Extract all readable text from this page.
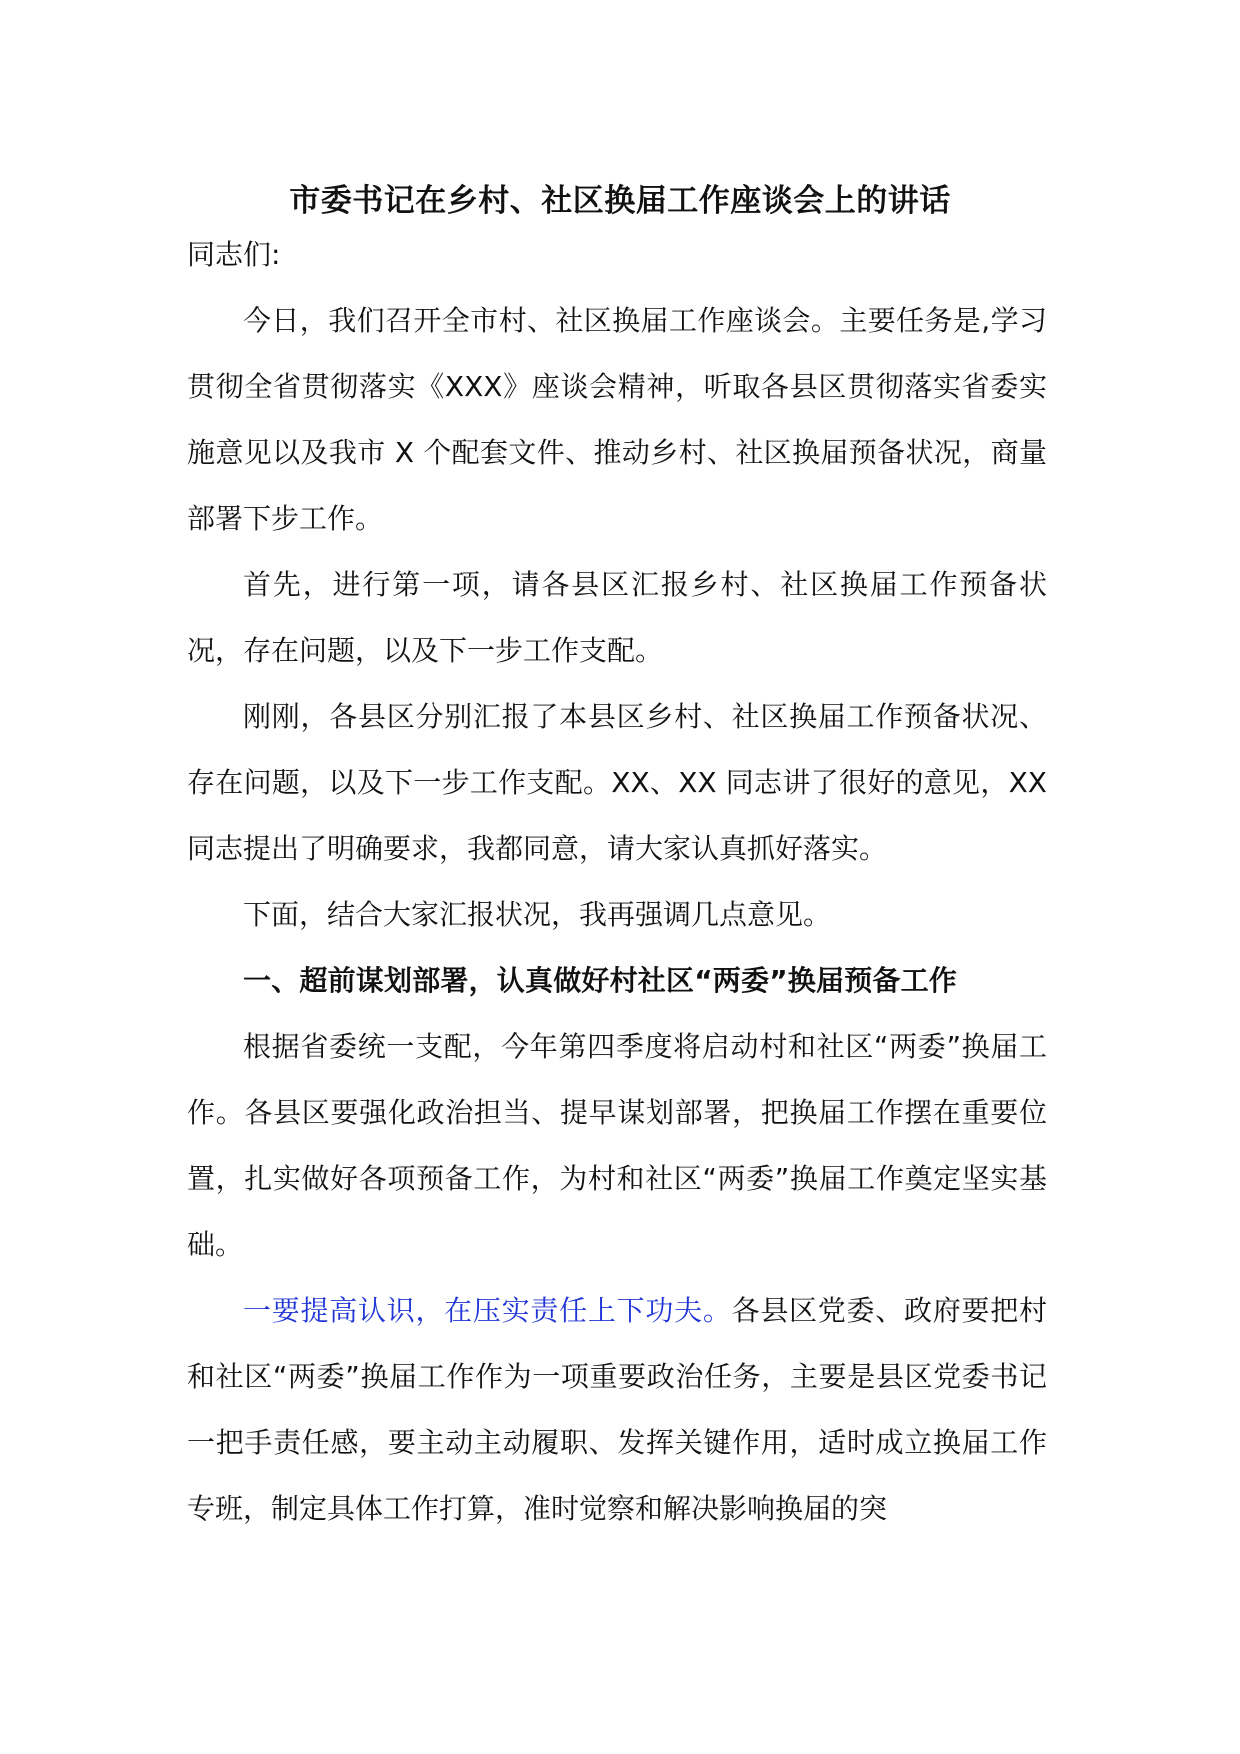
市委书记在乡村、社区换届工作座谈会上的讲话

同志们:

今日，我们召开全市村、社区换届工作座谈会。主要任务是,学习贯彻全省贯彻落实《XXX》座谈会精神，听取各县区贯彻落实省委实施意见以及我市 X 个配套文件、推动乡村、社区换届预备状况，商量部署下步工作。

首先，进行第一项，请各县区汇报乡村、社区换届工作预备状况，存在问题，以及下一步工作支配。

刚刚，各县区分别汇报了本县区乡村、社区换届工作预备状况、存在问题，以及下一步工作支配。XX、XX 同志讲了很好的意见，XX 同志提出了明确要求，我都同意，请大家认真抓好落实。

下面，结合大家汇报状况，我再强调几点意见。

一、超前谋划部署，认真做好村社区“两委”换届预备工作

根据省委统一支配，今年第四季度将启动村和社区“两委”换届工作。各县区要强化政治担当、提早谋划部署，把换届工作摆在重要位置，扎实做好各项预备工作，为村和社区“两委”换届工作奠定坚实基础。

一要提高认识，在压实责任上下功夫。各县区党委、政府要把村和社区“两委”换届工作作为一项重要政治任务，主要是县区党委书记一把手责任感，要主动主动履职、发挥关键作用，适时成立换届工作专班，制定具体工作打算，准时觉察和解决影响换届的突
